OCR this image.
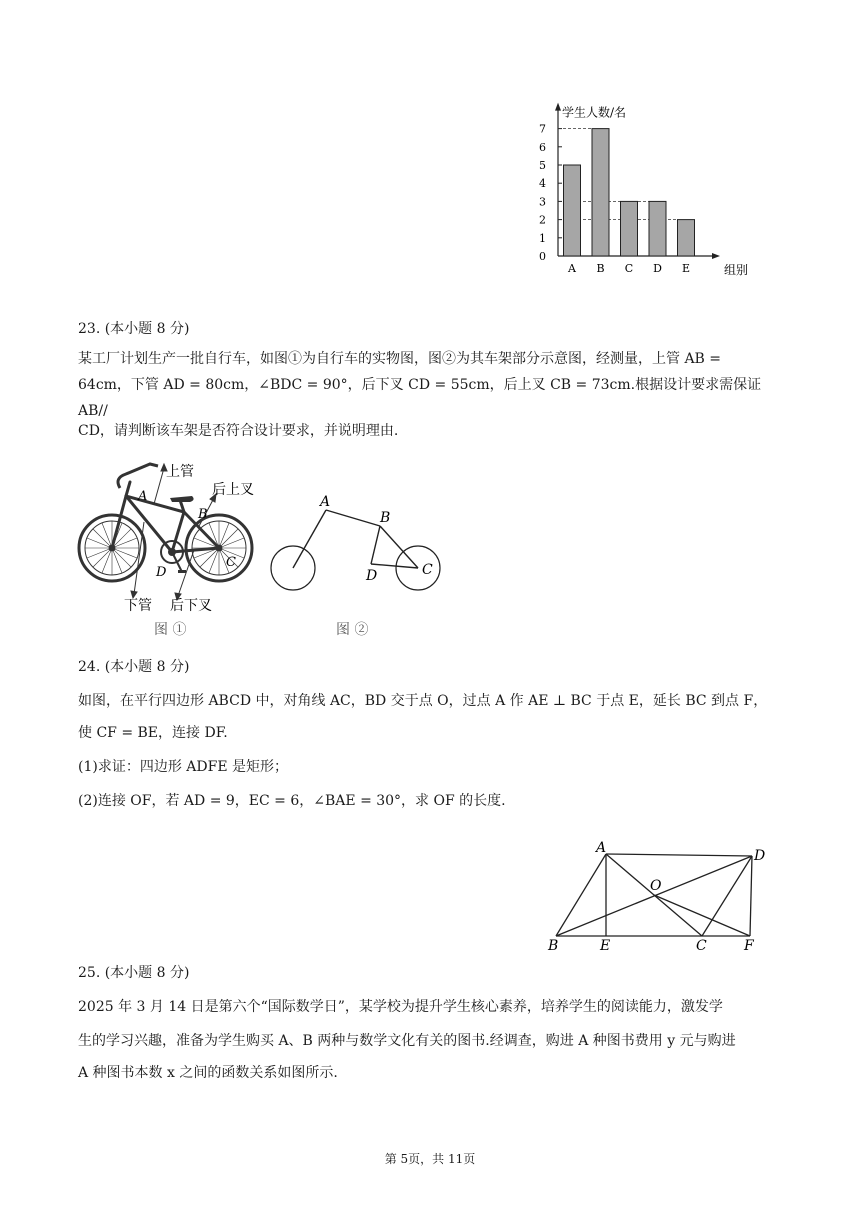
0
1
2
3
4
5
6
7
A B C D E
学生人数/名
组别
23. (本小题 8 分)
某工厂计划生产一批自行车，如图①为自行车的实物图，图②为其车架部分示意图，经测量，上管 AB =
64cm，下管 AD = 80cm，∠BDC = 90°，后下叉 CD = 55cm，后上叉 CB = 73cm.根据设计要求需保证 AB//
CD，请判断该车架是否符合设计要求，并说明理由.
A
B
C
D
上管
后上叉
下管 后下叉
图 ①
A
B
C
D
图 ②
24. (本小题 8 分)
如图，在平行四边形 ABCD 中，对角线 AC，BD 交于点 O，过点 A 作 AE ⊥ BC 于点 E，延长 BC 到点 F，
使 CF = BE，连接 DF.
(1)求证：四边形 ADFE 是矩形；
(2)连接 OF，若 AD = 9，EC = 6，∠BAE = 30°，求 OF 的长度.
A
B	C
D
E	F
O
25. (本小题 8 分)
2025 年 3 月 14 日是第六个“国际数学日”，某学校为提升学生核心素养，培养学生的阅读能力，激发学
生的学习兴趣，准备为学生购买 A、B 两种与数学文化有关的图书.经调查，购进 A 种图书费用 y 元与购进
A 种图书本数 x 之间的函数关系如图所示.
第 5页，共 11页
